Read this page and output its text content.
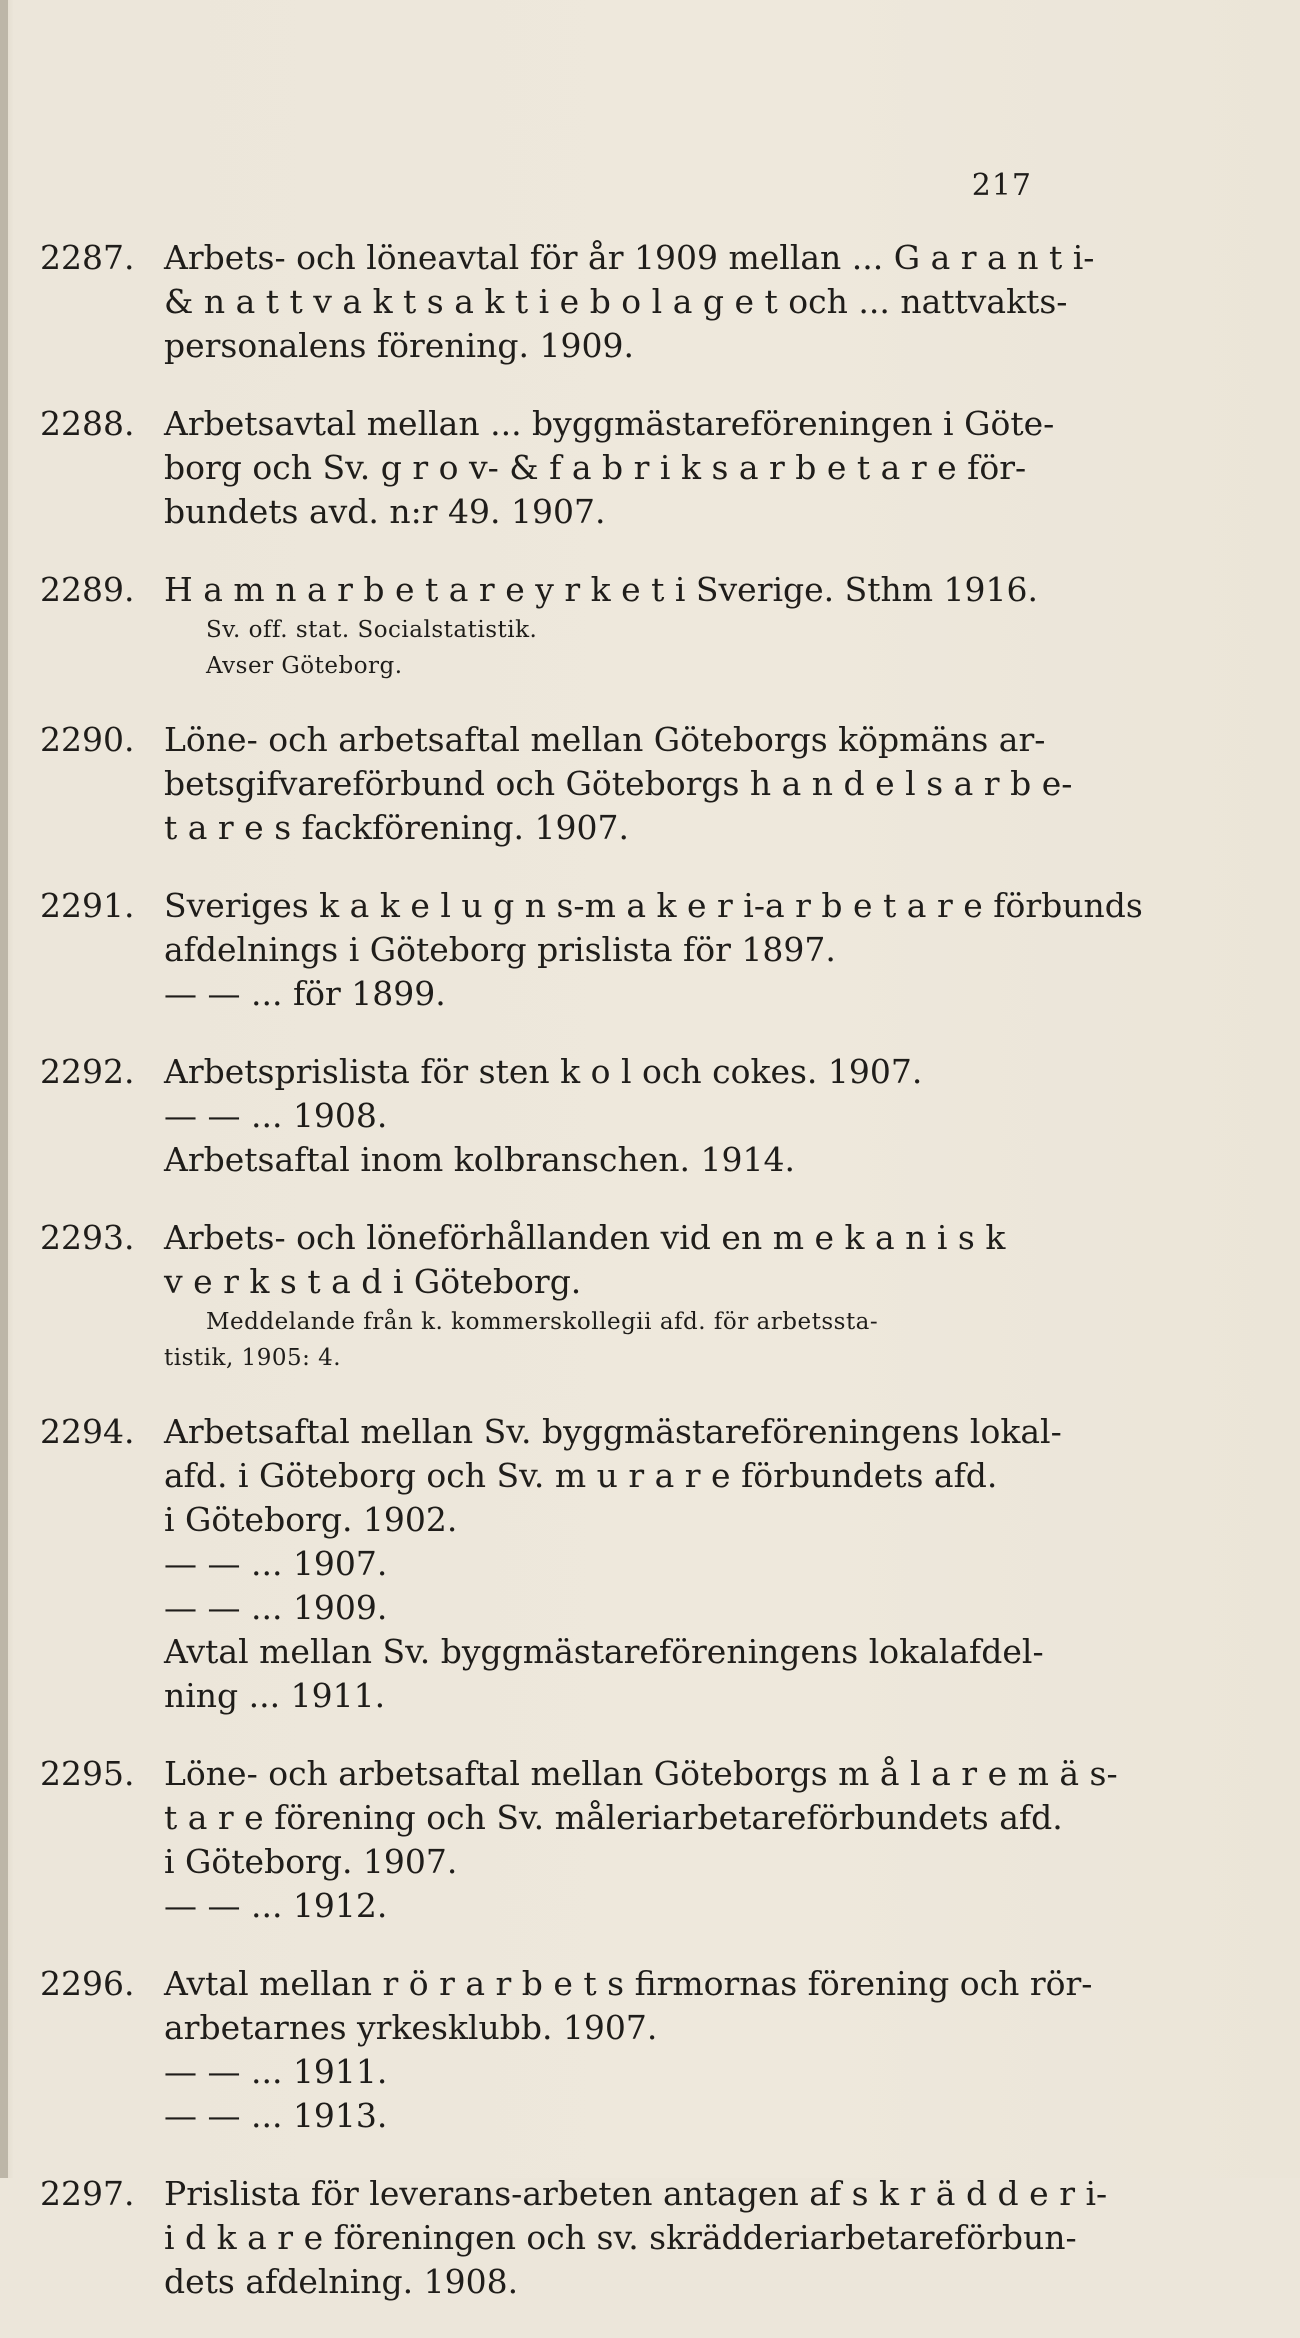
217
2287. Arbets- och löneavtal för år 1909 mellan ... G a r a n t i-
& n a t t v a k t s a k t i e b o l a g e t och ... nattvakts-
personalens förening. 1909.
2288. Arbetsavtal mellan ... byggmästareföreningen i Göte-
borg och Sv. g r o v- & f a b r i k s a r b e t a r e för-
bundets avd. n:r 49. 1907.
2289. H a m n a r b e t a r e y r k e t i Sverige. Sthm 1916.
Sv. off. stat. Socialstatistik.
Avser Göteborg.
2290. Löne- och arbetsaftal mellan Göteborgs köpmäns ar-
betsgifvareförbund och Göteborgs h a n d e l s a r b e-
t a r e s fackförening. 1907.
2291. Sveriges k a k e l u g n s-m a k e r i-a r b e t a r e förbunds
afdelnings i Göteborg prislista för 1897.
— — ... för 1899.
2292. Arbetsprislista för sten k o l och cokes. 1907.
— — ... 1908.
Arbetsaftal inom kolbranschen. 1914.
2293. Arbets- och löneförhållanden vid en m e k a n i s k
v e r k s t a d i Göteborg.
Meddelande från k. kommerskollegii afd. för arbetssta-
tistik, 1905: 4.
2294. Arbetsaftal mellan Sv. byggmästareföreningens lokal-
afd. i Göteborg och Sv. m u r a r e förbundets afd.
i Göteborg. 1902.
— — ... 1907.
— — ... 1909.
Avtal mellan Sv. byggmästareföreningens lokalafdel-
ning ... 1911.
2295. Löne- och arbetsaftal mellan Göteborgs m å l a r e m ä s-
t a r e förening och Sv. måleriarbetareförbundets afd.
i Göteborg. 1907.
— — ... 1912.
2296. Avtal mellan r ö r a r b e t s firmornas förening och rör-
arbetarnes yrkesklubb. 1907.
— — ... 1911.
— — ... 1913.
2297. Prislista för leverans-arbeten antagen af s k r ä d d e r i-
i d k a r e föreningen och sv. skrädderiarbetareförbun-
dets afdelning. 1908.
